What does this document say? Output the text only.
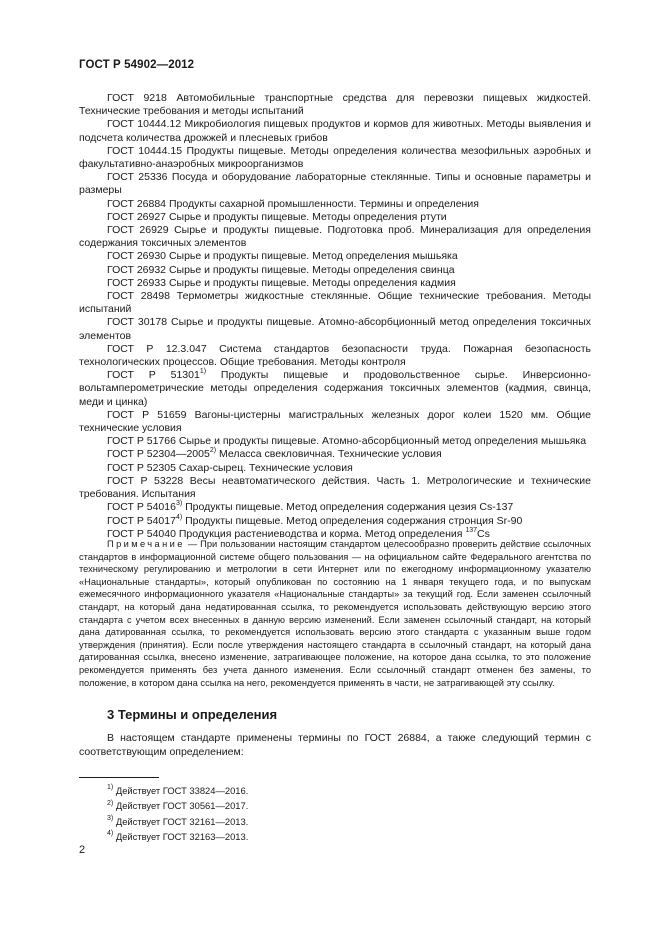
ГОСТ Р 54902—2012

ГОСТ 9218 Автомобильные транспортные средства для перевозки пищевых жидкостей. Технические требования и методы испытаний

ГОСТ 10444.12 Микробиология пищевых продуктов и кормов для животных. Методы выявления и подсчета количества дрожжей и плесневых грибов

ГОСТ 10444.15 Продукты пищевые. Методы определения количества мезофильных аэробных и факультативно-анаэробных микроорганизмов

ГОСТ 25336 Посуда и оборудование лабораторные стеклянные. Типы и основные параметры и размеры

ГОСТ 26884 Продукты сахарной промышленности. Термины и определения

ГОСТ 26927 Сырье и продукты пищевые. Методы определения ртути

ГОСТ 26929 Сырье и продукты пищевые. Подготовка проб. Минерализация для определения содержания токсичных элементов

ГОСТ 26930 Сырье и продукты пищевые. Метод определения мышьяка

ГОСТ 26932 Сырье и продукты пищевые. Методы определения свинца

ГОСТ 26933 Сырье и продукты пищевые. Методы определения кадмия

ГОСТ 28498 Термометры жидкостные стеклянные. Общие технические требования. Методы испытаний

ГОСТ 30178 Сырье и продукты пищевые. Атомно-абсорбционный метод определения токсичных элементов

ГОСТ Р 12.3.047 Система стандартов безопасности труда. Пожарная безопасность технологических процессов. Общие требования. Методы контроля

ГОСТ Р 51301$^{1)}$ Продукты пищевые и продовольственное сырье. Инверсионно-вольтамперометрические методы определения содержания токсичных элементов (кадмия, свинца, меди и цинка)

ГОСТ Р 51659 Вагоны-цистерны магистральных железных дорог колеи 1520 мм. Общие технические условия

ГОСТ Р 51766 Сырье и продукты пищевые. Атомно-абсорбционный метод определения мышьяка

ГОСТ Р 52304—2005$^{2)}$ Меласса свекловичная. Технические условия

ГОСТ Р 52305 Сахар-сырец. Технические условия

ГОСТ Р 53228 Весы неавтоматического действия. Часть 1. Метрологические и технические требования. Испытания

ГОСТ Р 54016$^{3)}$ Продукты пищевые. Метод определения содержания цезия Cs-137

ГОСТ Р 54017$^{4)}$ Продукты пищевые. Метод определения содержания стронция Sr-90

ГОСТ Р 54040 Продукция растениеводства и корма. Метод определения $^{137}$Cs

Примечание — При пользовании настоящим стандартом целесообразно проверить действие ссылочных стандартов в информационной системе общего пользования — на официальном сайте Федерального агентства по техническому регулированию и метрологии в сети Интернет или по ежегодному информационному указателю «Национальные стандарты», который опубликован по состоянию на 1 января текущего года, и по выпускам ежемесячного информационного указателя «Национальные стандарты» за текущий год. Если заменен ссылочный стандарт, на который дана недатированная ссылка, то рекомендуется использовать действующую версию этого стандарта с учетом всех внесенных в данную версию изменений. Если заменен ссылочный стандарт, на который дана датированная ссылка, то рекомендуется использовать версию этого стандарта с указанным выше годом утверждения (принятия). Если после утверждения настоящего стандарта в ссылочный стандарт, на который дана датированная ссылка, внесено изменение, затрагивающее положение, на которое дана ссылка, то это положение рекомендуется применять без учета данного изменения. Если ссылочный стандарт отменен без замены, то положение, в котором дана ссылка на него, рекомендуется применять в части, не затрагивающей эту ссылку.

3 Термины и определения

В настоящем стандарте применены термины по ГОСТ 26884, а также следующий термин с соответствующим определением:

$^{1)}$ Действует ГОСТ 33824—2016.
$^{2)}$ Действует ГОСТ 30561—2017.
$^{3)}$ Действует ГОСТ 32161—2013.
$^{4)}$ Действует ГОСТ 32163—2013.
2
